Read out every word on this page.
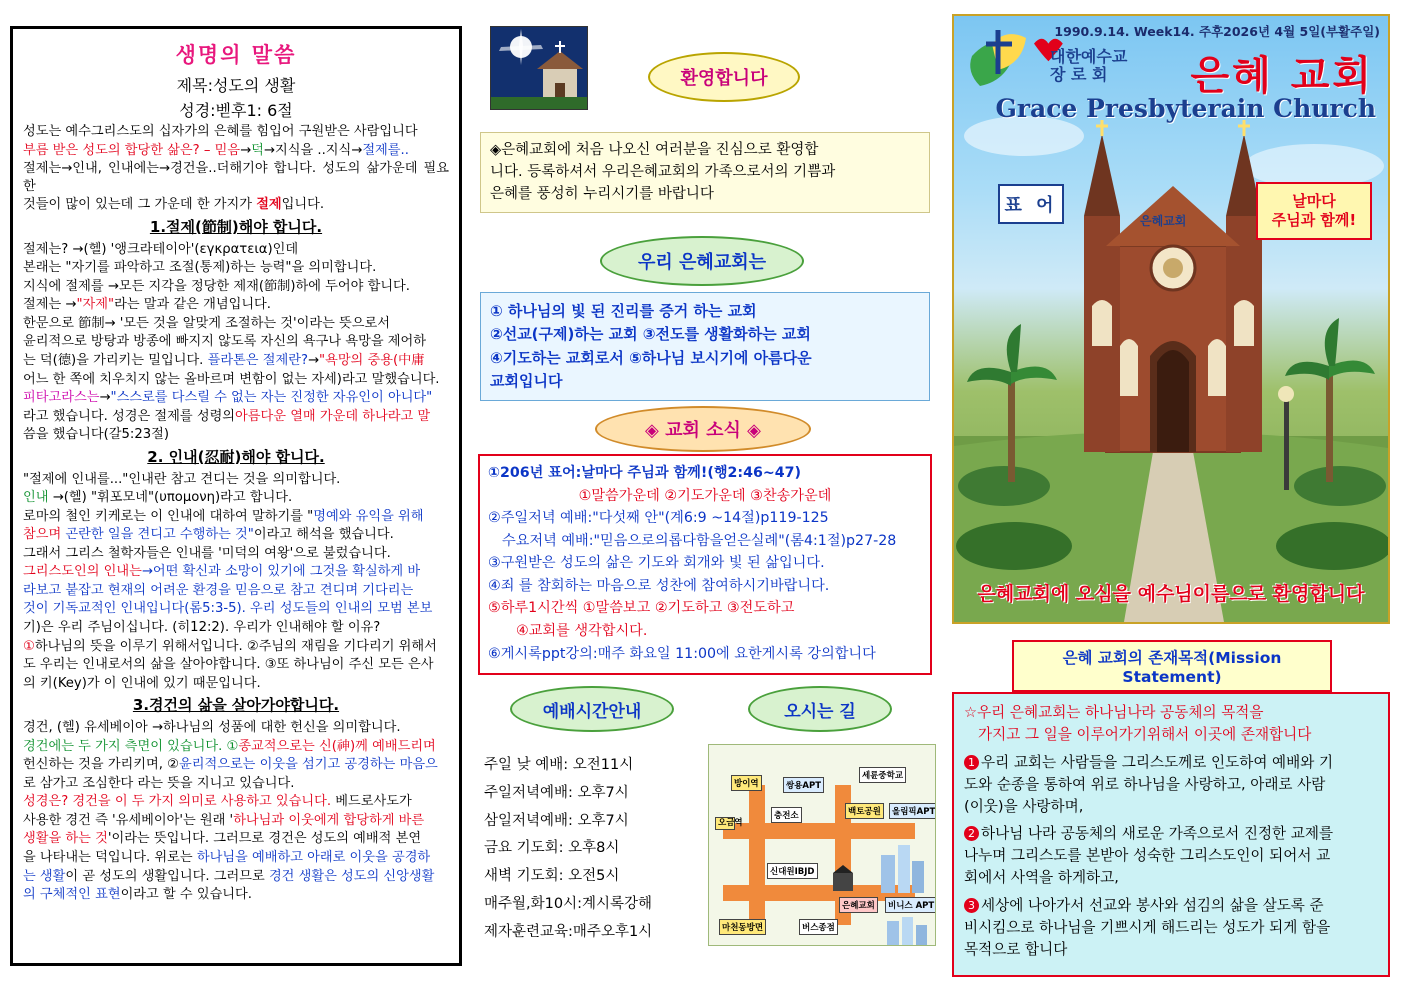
생명의 말씀
제목:성도의 생활
성경:벧후1: 6절

성도는 예수그리스도의 십자가의 은혜를 힘입어 구원받은 사람입니다

부름 받은 성도의 합당한 삶은? – 믿음→덕→지식을 ..지식→절제를..

절제는→인내, 인내에는→경건을..더해기야 합니다. 성도의 삶가운데 필요한

것들이 많이 있는데 그 가운데 한 가지가 절제입니다.

1.절제(節制)해야 합니다.

절제는? →(헬) '앵크라테이아'(εγκρατεια)인데

본래는 "자기를 파악하고 조절(통제)하는 능력"을 의미합니다.

지식에 절제를 →모든 지각을 정당한 제재(節制)하에 두어야 합니다.

절제는 →"자제"라는 말과 같은 개념입니다.

한문으로 節制→ '모든 것을 알맞게 조절하는 것'이라는 뜻으로서

윤리적으로 방탕과 방종에 빠지지 않도록 자신의 욕구나 욕망을 제어하

는 덕(德)을 가리키는 밀입니다. 플라톤은 절제란?→"욕망의 중용(中庸

어느 한 쪽에 치우치지 않는 올바르며 변함이 없는 자세)라고 말했습니다.

피타고라스는→"스스로를 다스릴 수 없는 자는 진정한 자유인이 아니다"

라고 했습니다. 성경은 절제를 성령의아름다운 열매 가운데 하나라고 말

씀을 했습니다(갈5:23절)

2. 인내(忍耐)해야 합니다.

"절제에 인내를..."인내란 참고 견디는 것을 의미합니다.

인내 →(헬) "휘포모네"(υπομονη)라고 합니다.

로마의 철인 키케로는 이 인내에 대하여 말하기를 "명예와 유익을 위해

참으며 곤란한 일을 견디고 수행하는 것"이라고 해석을 했습니다.

그래서 그리스 철학자들은 인내를 '미덕의 여왕'으로 불렀습니다.

그리스도인의 인내는→어떤 확신과 소망이 있기에 그것을 확실하게 바

라보고 붙잡고 현재의 어려운 환경을 믿음으로 참고 견디며 기다리는

것이 기독교적인 인내입니다(롬5:3-5). 우리 성도들의 인내의 모범 본보

기)은 우리 주님이십니다. (히12:2). 우리가 인내해야 할 이유?

①하나님의 뜻을 이루기 위해서입니다. ②주님의 재림을 기다리기 위해서

도 우리는 인내로서의 삶을 살아야합니다. ③또 하나님이 주신 모든 은사

의 키(Key)가 이 인내에 있기 때문입니다.

3.경건의 삶을 살아가야합니다.

경건, (헬) 유세베이아 →하나님의 성품에 대한 헌신을 의미합니다.

경건에는 두 가지 측면이 있습니다. ①종교적으로는 신(神)께 예배드리며

헌신하는 것을 가리키며, ②윤리적으로는 이웃을 섬기고 공경하는 마음으

로 삼가고 조심한다 라는 뜻을 지니고 있습니다.

성경은? 경건을 이 두 가지 의미로 사용하고 있습니다. 베드로사도가

사용한 경건 즉 '유세베이아'는 원래 '하나님과 이웃에게 합당하게 바른

생활을 하는 것'이라는 뜻입니다. 그러므로 경건은 성도의 예배적 본연

을 나타내는 덕입니다. 위로는 하나님을 예배하고 아래로 이웃을 공경하

는 생활이 곧 성도의 생활입니다. 그러므로 경건 생활은 성도의 신앙생활

의 구체적인 표현이라고 할 수 있습니다.

환영합니다
◈은혜교회에 처음 나오신 여러분을 진심으로 환영합
니다. 등록하셔서 우리은혜교회의 가족으로서의 기쁨과
은혜를 풍성히 누리시기를 바랍니다
우리 은혜교회는
① 하나님의 빛 된 진리를 증거 하는 교회
②선교(구제)하는 교회 ③전도를 생활화하는 교회
④기도하는 교회로서 ⑤하나님 보시기에 아름다운
교회입니다
◈ 교회 소식 ◈

①206년 표어:날마다 주님과 함께!(행2:46~47)

①말씀가운데 ②기도가운데 ③찬송가운데

②주일저녁 예배:"다섯째 안"(계6:9 ~14절)p119-125

수요저녁 예배:"믿음으로의롭다함을얻은실례"(롬4:1절)p27-28

③구원받은 성도의 삶은 기도와 회개와 빛 된 삶입니다.

④죄 를 참회하는 마음으로 성찬에 참여하시기바랍니다.

⑤하루1시간씩 ①말씀보고 ②기도하고 ③전도하고

④교회를 생각합시다.

⑥게시록ppt강의:매주 화요일 11:00에 요한게시록 강의합니다

예배시간안내	오시는 길
주일 낮 예배: 오전11시
주일저녁예배: 오후7시
삼일저녁예배: 오후7시
금요 기도회: 오후8시
새벽 기도회: 오전5시
매주월,화10시:계시록강해
제자훈련교육:매주오후1시
방이역	쌍용APT
세륜중학교
충전소	백토공원	올림픽APT
오금역
신대원IBJD
은혜교회	비니스 APT
마천동방면	버스종점
1990.9.14. Week14. 주후2026년 4월 5일(부활주일)
대한예수교
장 로 회	은혜 교회
Grace Presbyterain Church
표 어	날마다
주님과 함께!
은혜교회
은혜교회에 오심을 예수님이름으로 환영합니다
은혜 교회의 존재목적(Mission Statement)

☆우리 은혜교회는 하나님나라 공동체의 목적을
가지고 그 일을 이루어가기위해서 이곳에 존재합니다

1 우리 교회는 사람들을 그리스도께로 인도하여 예배와 기
도와 순종을 통하여 위로 하나님을 사랑하고, 아래로 사람
(이웃)을 사랑하며,

2 하나님 나라 공동체의 새로운 가족으로서 진정한 교제를
나누며 그리스도를 본받아 성숙한 그리스도인이 되어서 교
회에서 사역을 하게하고,

3 세상에 나아가서 선교와 봉사와 섬김의 삶을 살도록 준
비시킴으로 하나님을 기쁘시게 해드리는 성도가 되게 함을
목적으로 합니다
